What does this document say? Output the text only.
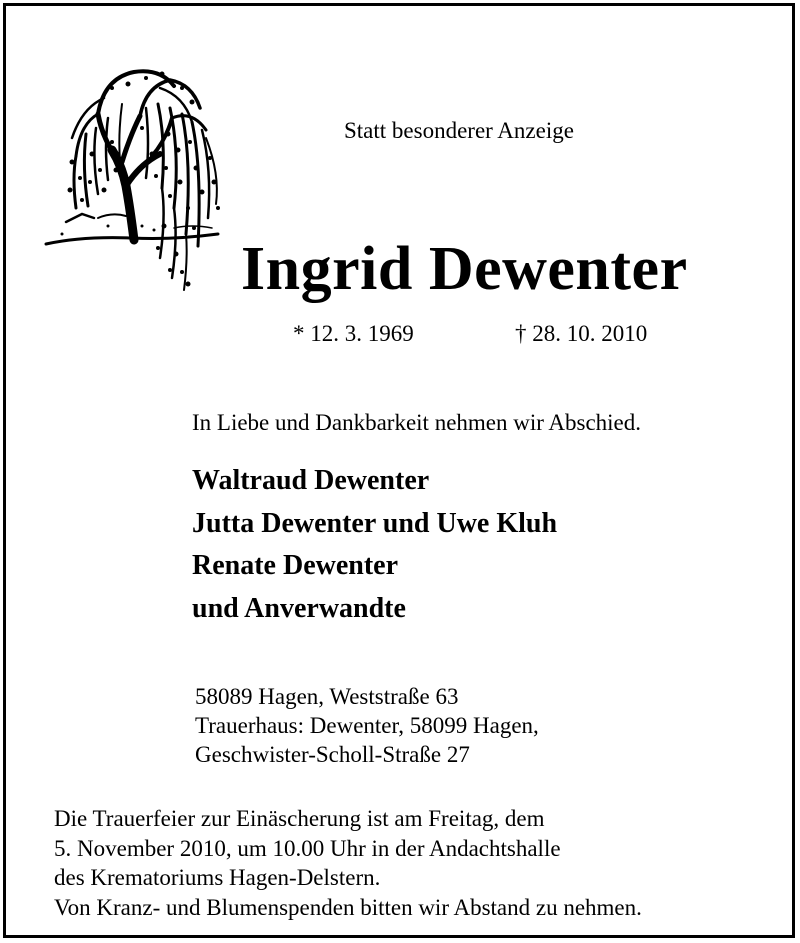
Statt besonderer Anzeige
Ingrid Dewenter
* 12. 3. 1969	† 28. 10. 2010
In Liebe und Dankbarkeit nehmen wir Abschied.
Waltraud Dewenter
Jutta Dewenter und Uwe Kluh
Renate Dewenter
und Anverwandte
58089 Hagen, Weststraße 63
Trauerhaus: Dewenter, 58099 Hagen,
Geschwister-Scholl-Straße 27
Die Trauerfeier zur Einäscherung ist am Freitag, dem
5. November 2010, um 10.00 Uhr in der Andachtshalle
des Krematoriums Hagen-Delstern.
Von Kranz- und Blumenspenden bitten wir Abstand zu nehmen.
